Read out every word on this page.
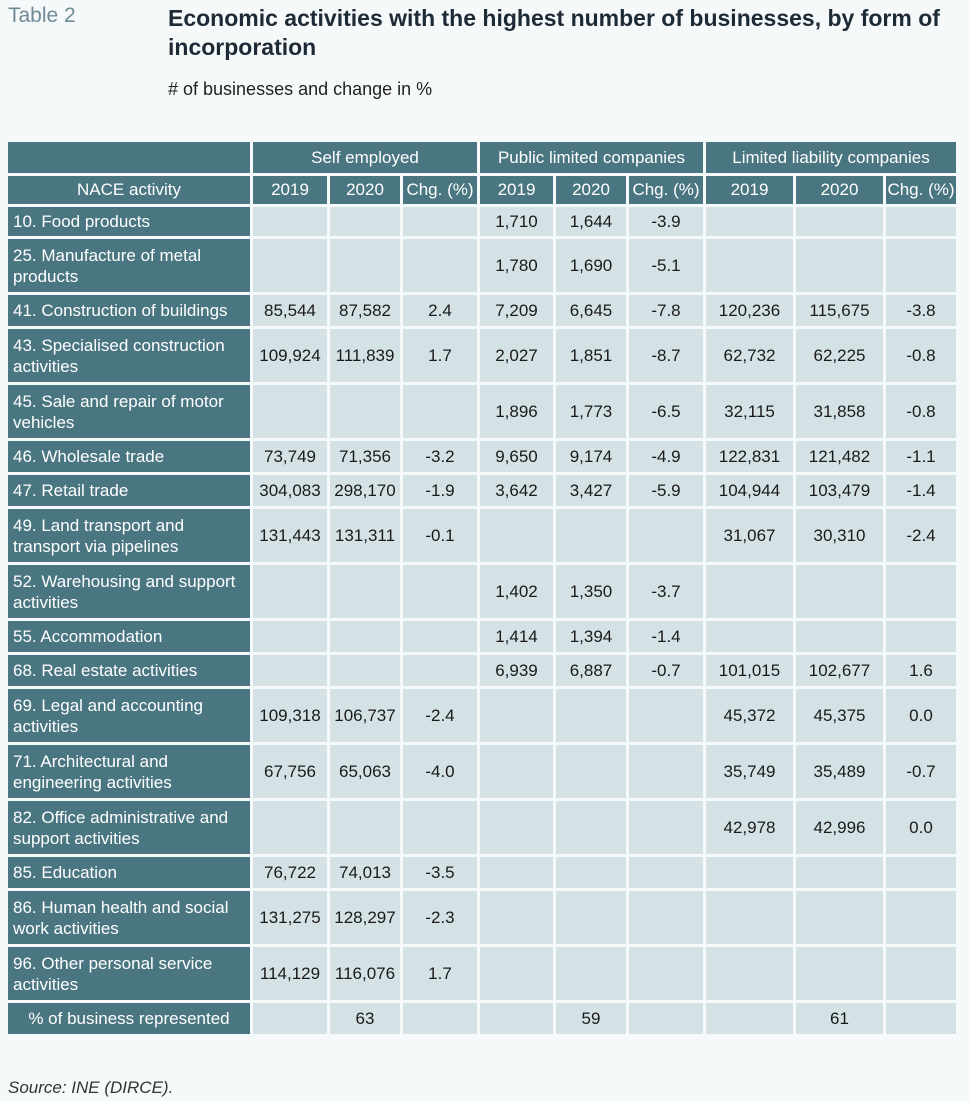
Table 2	Economic activities with the highest number of businesses, by form of incorporation
# of businesses and change in %
	Self employed			Public limited companies			Limited liability companies		
NACE activity	2019	2020	Chg. (%)	2019	2020	Chg. (%)	2019	2020	Chg. (%)
10. Food products				1,710	1,644	-3.9			
25. Manufacture of metal products				1,780	1,690	-5.1			
41. Construction of buildings	85,544	87,582	2.4	7,209	6,645	-7.8	120,236	115,675	-3.8
43. Specialised construction activities	109,924	111,839	1.7	2,027	1,851	-8.7	62,732	62,225	-0.8
45. Sale and repair of motor vehicles				1,896	1,773	-6.5	32,115	31,858	-0.8
46. Wholesale trade	73,749	71,356	-3.2	9,650	9,174	-4.9	122,831	121,482	-1.1
47. Retail trade	304,083	298,170	-1.9	3,642	3,427	-5.9	104,944	103,479	-1.4
49. Land transport and transport via pipelines	131,443	131,311	-0.1				31,067	30,310	-2.4
52. Warehousing and support activities				1,402	1,350	-3.7			
55. Accommodation				1,414	1,394	-1.4			
68. Real estate activities				6,939	6,887	-0.7	101,015	102,677	1.6
69. Legal and accounting activities	109,318	106,737	-2.4				45,372	45,375	0.0
71. Architectural and engineering activities	67,756	65,063	-4.0				35,749	35,489	-0.7
82. Office administrative and support activities							42,978	42,996	0.0
85. Education	76,722	74,013	-3.5						
86. Human health and social work activities	131,275	128,297	-2.3						
96. Other personal service activities	114,129	116,076	1.7						
% of business represented		63			59			61	
Source: INE (DIRCE).
